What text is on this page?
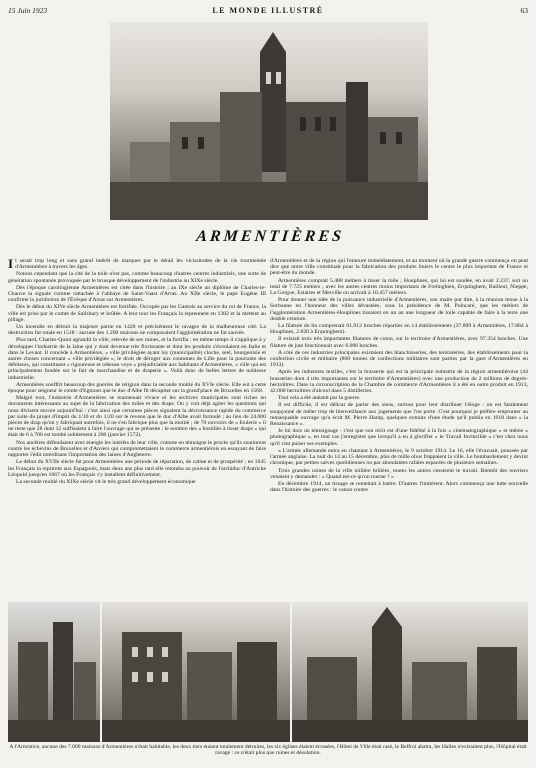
15 Juin 1923	LE MONDE ILLUSTRÉ	63
ARMENTIÈRES

Il serait trop long et sans grand intérêt de marquer par le détail les vicissitudes de la vie tourmentée d'Armentières à travers les âges.

Notons cependant que la cité de la toile n'est pas, comme beaucoup d'autres centres industriels, une sorte de génération spontanée provoquée par le brusque développement de l'industrie au XIXe siècle.

Dès l'époque carolingienne Armentières est citée dans l'histoire ; au IXe siècle un diplôme de Charles-le-Chauve la signale comme rattachée à l'abbaye de Saint-Vaast d'Arras. Au XIIe siècle, le pape Eugène III confirme la juridiction de l'Évêque d'Arras sur Armentières.

Dès le début du XIVe siècle Armentières est fortifiée. Occupée par les Gantois au service du roi de France, la ville est prise par le comte de Salisbury et brûlée. A leur tour les Français la reprennent en 1382 et la mettent au pillage.

Un incendie en détruit la majeure partie en 1420 et précisément le ravages de la malheureuse cité. La destruction fut totale en 1518 : aucune des 1.200 maisons ne composaient l'agglomération ne fut sauvée.

Plus tard, Charles-Quint agrandit la ville, relevée de ses ruines, et la fortifia ; en même temps il s'applique à y développer l'industrie de la laine qui y était devenue très florissante et dont les produits s'écoulaient en Italie et dans le Levant. Il concède à Armentières, « ville privilégiée ayant loy (municipalité) cloche, seel, bourgeoisie et autres choses concernant « ville privilégiée », le droit de déroger aux coutumes de Lille pour la poursuite des débiteurs, qui constituent « rigoureuse et odieuse voye » préjudiciable aux habitants d'Armentières, « ville qui est principalement fondée sur le fait de marchandise et de draperie ». Voilà donc de belles lettres de noblesse industrielle.

Armentières souffrit beaucoup des guerres de religion dans la seconde moitié du XVIe siècle. Elle eut à cette époque pour seigneur le comte d'Egmont que le duc d'Albe fit décapiter sur la grand'place de Bruxelles en 1568.

Malgré tout, l'industrie d'Armentières se maintenait vivace et les archives municipales sont riches en documents intéressants au sujet de la fabrication des toiles et des draps. On y voit déjà agiter les questions qui nous divisent encore aujourd'hui : c'est ainsi que certaines pièces signalent la décroissance rapide du commerce par suite du projet d'impôt du 1/10 et du 1/20 sur le revenu que le duc d'Albe avait formulé ; au lieu de 24.000 pièces de drap qu'on y fabriquait autrefois, il ne s'en fabrique plus que la moitié ; de 70 ouvroirs de « foulerie » il ne reste que 28 dont 12 suffisaient à faire l'ouvrage qui se présente ; le nombre des « hostilles à tisser draps » qui était de 6 à 700 est tombé subitement à 200 (janvier 1572).

Nos ancêtres défendaient avec énergie les intérêts de leur ville, comme en témoigne le procès qu'ils soutinrent contre les échevins de Bruxelles et d'Anvers qui compromettaient le commerce armentiérois en essayant de faire rapporter l'édit interdisant l'importation des laines d'Angleterre.

Le début du XVIIe siècle fut pour Armentières une période de réparation, de calme et de prospérité ; en 1645 les Français la reprirent aux Espagnols, mais deux ans plus tard elle retomba au pouvoir de l'archiduc d'Autriche Léopold jusqu'en 1667 où les Français s'y installent définitivement.

La seconde moitié du XIXe siècle vit le très grand développement économique

d'Armentières et de la région qui l'entoure immédiatement, et au moment où la grande guerre commença on peut dire que notre ville constituait pour la fabrication des produits liniers le centre le plus important de France et peut-être du monde.

Armentières comptait 5.488 métiers à tisser la toile ; Houplines, qui lui est soudée, en avait 2.237, soit un total de 7.725 métiers ; avec les autres centres moins importants de Frelinghien, Erquinghem, Bailleul, Nieppe, La Gorgue, Estaires et Merville on arrivait à 10.457 métiers.

Pour donner une idée de la puissance industrielle d'Armentières, son maire put dire, à la réunion tenue à la Sorbonne en l'honneur des villes dévastées, sous la présidence de M. Poincaré, que les métiers de l'agglomération Armentières-Houplines tissaient en un an une longueur de toile capable de faire à la terre une double ceinture.

La filature du lin comprenait 61.912 broches réparties en 14 établissements (37.899 à Armentières, 17.884 à Houplines, 2.820 à Erquinghem).

Il existait trois très importantes filatures de coton, sur le territoire d'Armentières, avec 97.354 broches. Une filature de jute fonctionnait avec 6.096 broches.

A côté de ces industries principales existaient des blanchisseries, des teintureries, des établissements pour la confection civile et militaire (800 tonnes de confections militaires sont parties par la gare d'Armentières en 1913).

Après les industries textiles, c'est la brasserie qui est la principale industrie de la région armentiéroise (44 brasseries dont 4 très importantes sur le territoire d'Armentières) avec une production de 2 millions de degrés-hectolitres. Dans la circonscription de la Chambre de commerce d'Armentières il a été en outre produit en 1913, 42.000 hectolitres d'alcool dans 5 distilleries.

Tout cela a été anéanti par la guerre.

Il est difficile, il est délicat de parler des siens, surtout pour leur distribuer l'éloge : on est fatalement soupçonné de mêler trop de bienveillance aux jugements que l'on porte. C'est pourquoi je préfère emprunter au remarquable ouvrage qu'a écrit M. Pierre Hamp, quelques extraits d'une étude qu'il publia en 1918 dans « la Renaissance ».

Je lui dois un témoignage : c'est que son récit est d'une fidélité à la fois « cinématographique » et même « photographique », en tout cas j'enregistre que lorsqu'il a eu à glorifier « le Travail Invincible » c'est chez nous qu'il vint puiser ses exemples.

« L'armée allemande entra en chantant à Armentières, le 9 octobre 1914. Le 16, elle l'évacuait, poussée par l'armée anglaise. La nuit du 14 au 15 décembre, plus de mille obus frappaient la ville. Le bombardement y devint chronique, par petites salves quotidiennes ou par abondantes rafales espacées de plusieurs semaines.

Trois grandes usines de la ville toilière brûlées, toutes les autres cessèrent le travail. Bientôt des ouvriers venaient y demander : « Quand est-ce qu'on tourne ? »

En décembre 1914, un tissage se remettait à battre. D'autres l'imitèrent. Alors commença une lutte nouvelle dans l'histoire des guerres : le canon contre

A l'Armistice, aucune des 7.000 maisons d'Armentières n'était habitable, les deux tiers étaient totalement détruites, les six églises étaient écrasées, l'Hôtel de Ville était rasé, le Beffroi abattu, les Halles n'existaient plus, l'Hôpital était ravagé : ce n'était plus que ruines et désolation.
